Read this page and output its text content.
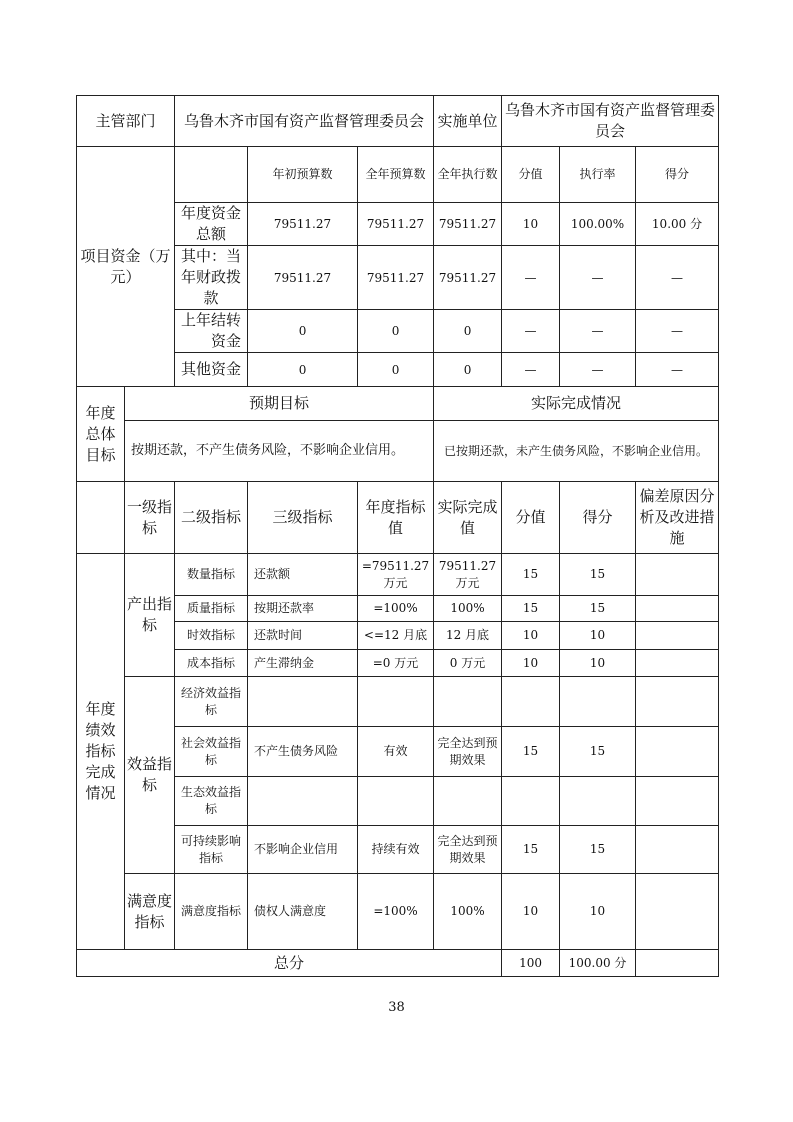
主管部门		乌鲁木齐市国有资产监督管理委员会			实施单位	乌鲁木齐市国有资产监督管理委员会		
项目资金（万元）			年初预算数	全年预算数	全年执行数	分值	执行率	得分
		年度资金总额	79511.27	79511.27	79511.27	10	100.00%	10.00 分
		其中：当年财政拨款	79511.27	79511.27	79511.27	—	—	—
		上年结转资金	0	0	0	—	—	—
		其他资金	0	0	0	—	—	—
年度总体目标	预期目标				实际完成情况			
	按期还款，不产生债务风险，不影响企业信用。				已按期还款，未产生债务风险，不影响企业信用。			
	一级指标	二级指标	三级指标	年度指标值	实际完成值	分值	得分	偏差原因分析及改进措施
年度绩效指标完成情况	产出指标	数量指标	还款额	=79511.27万元	79511.27万元	15	15	
		质量指标	按期还款率	=100%	100%	15	15	
		时效指标	还款时间	<=12 月底	12 月底	10	10	
		成本指标	产生滞纳金	=0 万元	0 万元	10	10	
	效益指标	经济效益指标						
		社会效益指标	不产生债务风险	有效	完全达到预期效果	15	15	
		生态效益指标						
		可持续影响指标	不影响企业信用	持续有效	完全达到预期效果	15	15	
	满意度指标	满意度指标	债权人满意度	=100%	100%	10	10	
总分						100	100.00 分	
38
